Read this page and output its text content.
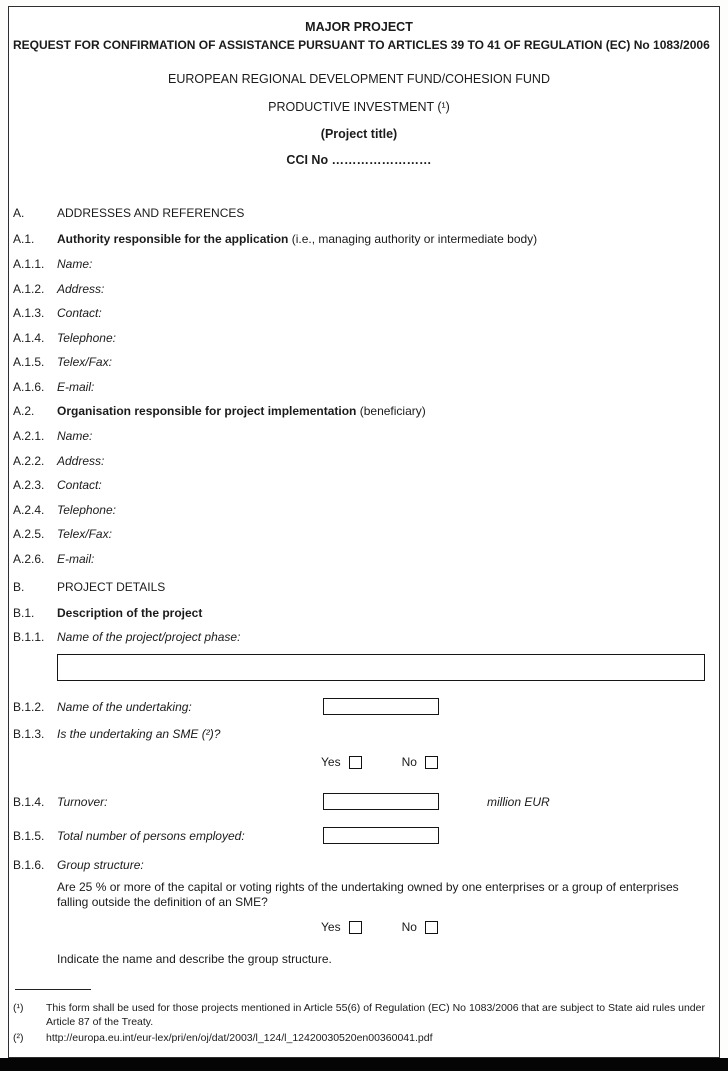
MAJOR PROJECT
REQUEST FOR CONFIRMATION OF ASSISTANCE PURSUANT TO ARTICLES 39 TO 41 OF REGULATION (EC) No 1083/2006
EUROPEAN REGIONAL DEVELOPMENT FUND/COHESION FUND
PRODUCTIVE INVESTMENT (¹)
(Project title)
CCI No ……………………
A.	ADDRESSES AND REFERENCES
A.1.	Authority responsible for the application (i.e., managing authority or intermediate body)
A.1.1.	Name:
A.1.2.	Address:
A.1.3.	Contact:
A.1.4.	Telephone:
A.1.5.	Telex/Fax:
A.1.6.	E-mail:
A.2.	Organisation responsible for project implementation (beneficiary)
A.2.1.	Name:
A.2.2.	Address:
A.2.3.	Contact:
A.2.4.	Telephone:
A.2.5.	Telex/Fax:
A.2.6.	E-mail:
B.	PROJECT DETAILS
B.1.	Description of the project
B.1.1.	Name of the project/project phase:
B.1.2.	Name of the undertaking:
B.1.3.	Is the undertaking an SME (²)?
Yes	No
B.1.4.	Turnover:	million EUR
B.1.5.	Total number of persons employed:
B.1.6.	Group structure:
Are 25 % or more of the capital or voting rights of the undertaking owned by one enterprises or a group of enterprises falling outside the definition of an SME?
Yes	No
Indicate the name and describe the group structure.
(¹)	This form shall be used for those projects mentioned in Article 55(6) of Regulation (EC) No 1083/2006 that are subject to State aid rules under Article 87 of the Treaty.
(²)	http://europa.eu.int/eur-lex/pri/en/oj/dat/2003/l_124/l_12420030520en00360041.pdf
